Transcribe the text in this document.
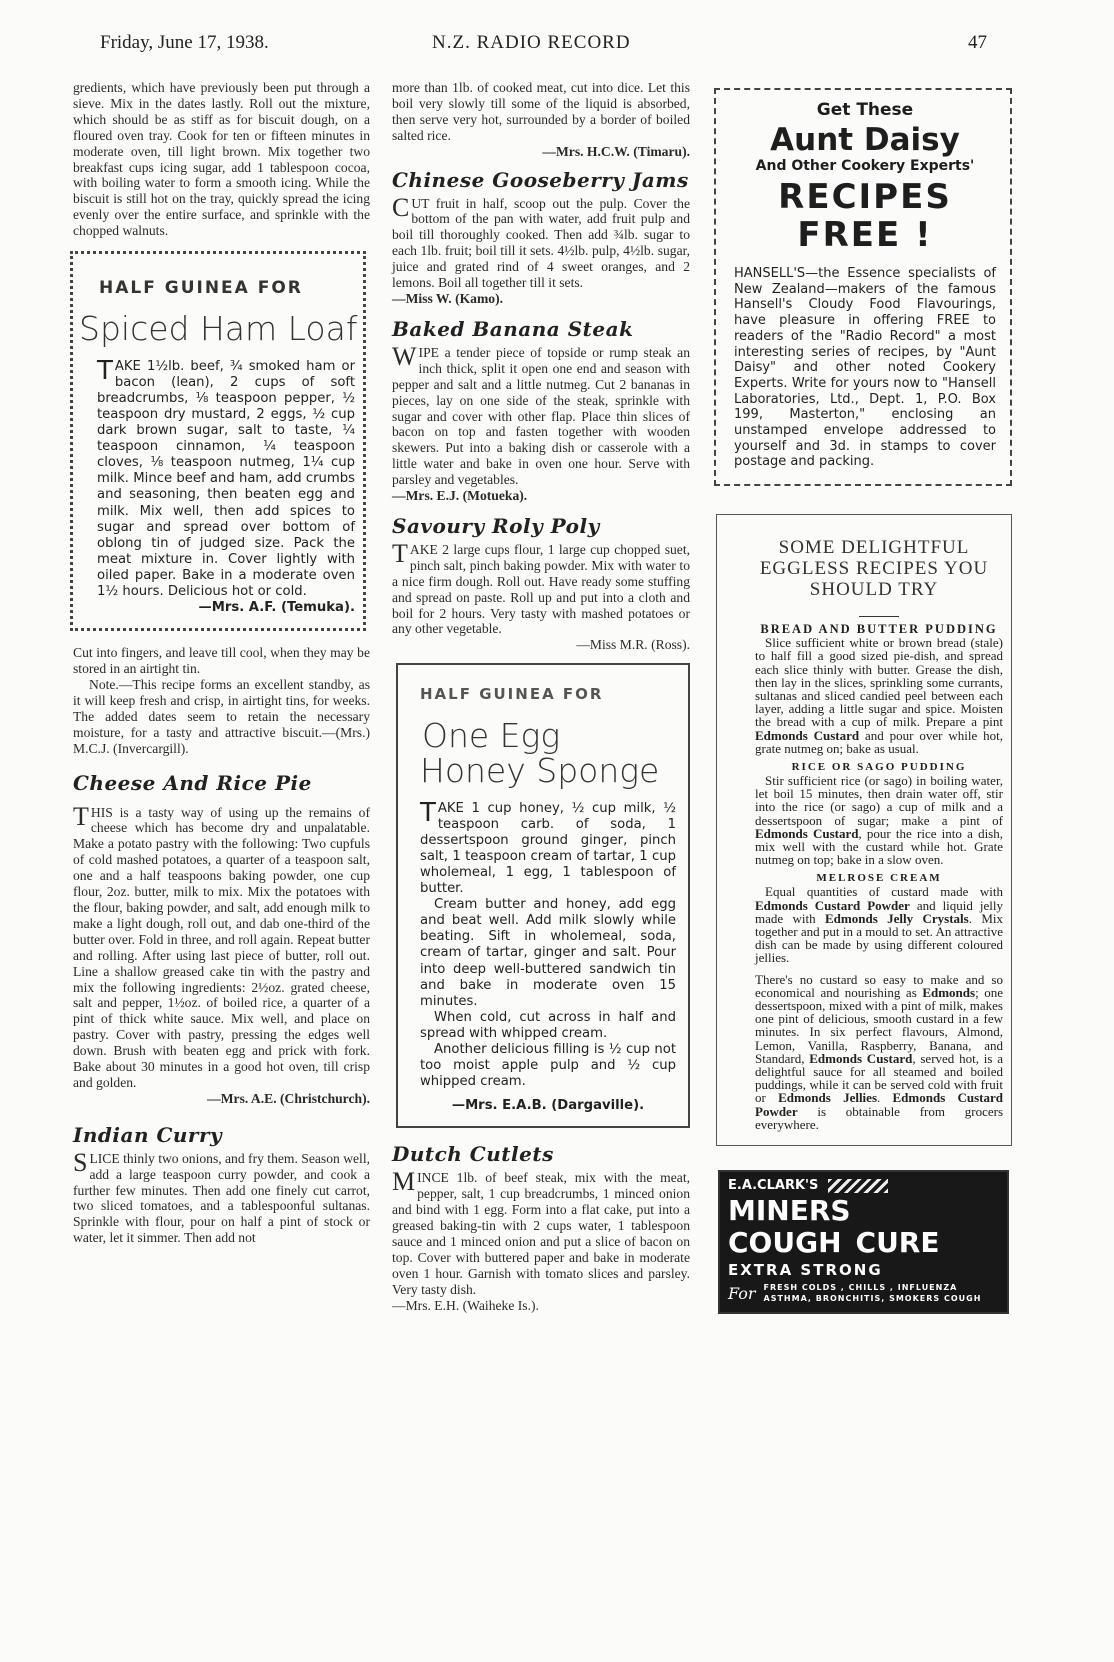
Friday, June 17, 1938.	N.Z. RADIO RECORD	47

gredients, which have previously been put through a sieve. Mix in the dates lastly. Roll out the mixture, which should be as stiff as for biscuit dough, on a floured oven tray. Cook for ten or fifteen minutes in moderate oven, till light brown. Mix together two breakfast cups icing sugar, add 1 tablespoon cocoa, with boiling water to form a smooth icing. While the biscuit is still hot on the tray, quickly spread the icing evenly over the entire surface, and sprinkle with the chopped walnuts.

HALF GUINEA FOR
Spiced Ham Loaf

TAKE 1½lb. beef, ¾ smoked ham or bacon (lean), 2 cups of soft breadcrumbs, ⅛ teaspoon pepper, ½ teaspoon dry mustard, 2 eggs, ½ cup dark brown sugar, salt to taste, ¼ teaspoon cinnamon, ¼ teaspoon cloves, ⅛ teaspoon nutmeg, 1¼ cup milk. Mince beef and ham, add crumbs and seasoning, then beaten egg and milk. Mix well, then add spices to sugar and spread over bottom of oblong tin of judged size. Pack the meat mixture in. Cover lightly with oiled paper. Bake in a moderate oven 1½ hours. Delicious hot or cold.

—Mrs. A.F. (Temuka).

Cut into fingers, and leave till cool, when they may be stored in an airtight tin.

Note.—This recipe forms an excellent standby, as it will keep fresh and crisp, in airtight tins, for weeks. The added dates seem to retain the necessary moisture, for a tasty and attractive biscuit.—(Mrs.) M.C.J. (Invercargill).

Cheese And Rice Pie

THIS is a tasty way of using up the remains of cheese which has become dry and unpalatable. Make a potato pastry with the following: Two cupfuls of cold mashed potatoes, a quarter of a teaspoon salt, one and a half teaspoons baking powder, one cup flour, 2oz. butter, milk to mix. Mix the potatoes with the flour, baking powder, and salt, add enough milk to make a light dough, roll out, and dab one-third of the butter over. Fold in three, and roll again. Repeat butter and rolling. After using last piece of butter, roll out. Line a shallow greased cake tin with the pastry and mix the following ingredients: 2½oz. grated cheese, salt and pepper, 1½oz. of boiled rice, a quarter of a pint of thick white sauce. Mix well, and place on pastry. Cover with pastry, pressing the edges well down. Brush with beaten egg and prick with fork. Bake about 30 minutes in a good hot oven, till crisp and golden.

—Mrs. A.E. (Christchurch).

Indian Curry

SLICE thinly two onions, and fry them. Season well, add a large teaspoon curry powder, and cook a further few minutes. Then add one finely cut carrot, two sliced tomatoes, and a tablespoonful sultanas. Sprinkle with flour, pour on half a pint of stock or water, let it simmer. Then add not

more than 1lb. of cooked meat, cut into dice. Let this boil very slowly till some of the liquid is absorbed, then serve very hot, surrounded by a border of boiled salted rice.

—Mrs. H.C.W. (Timaru).

Chinese Gooseberry Jams

CUT fruit in half, scoop out the pulp. Cover the bottom of the pan with water, add fruit pulp and boil till thoroughly cooked. Then add ¾lb. sugar to each 1lb. fruit; boil till it sets. 4½lb. pulp, 4½lb. sugar, juice and grated rind of 4 sweet oranges, and 2 lemons. Boil all together till it sets.

—Miss W. (Kamo).

Baked Banana Steak

WIPE a tender piece of topside or rump steak an inch thick, split it open one end and season with pepper and salt and a little nutmeg. Cut 2 bananas in pieces, lay on one side of the steak, sprinkle with sugar and cover with other flap. Place thin slices of bacon on top and fasten together with wooden skewers. Put into a baking dish or casserole with a little water and bake in oven one hour. Serve with parsley and vegetables.

—Mrs. E.J. (Motueka).

Savoury Roly Poly

TAKE 2 large cups flour, 1 large cup chopped suet, pinch salt, pinch baking powder. Mix with water to a nice firm dough. Roll out. Have ready some stuffing and spread on paste. Roll up and put into a cloth and boil for 2 hours. Very tasty with mashed potatoes or any other vegetable.

—Miss M.R. (Ross).

HALF GUINEA FOR
One Egg
Honey Sponge

TAKE 1 cup honey, ½ cup milk, ½ teaspoon carb. of soda, 1 dessertspoon ground ginger, pinch salt, 1 teaspoon cream of tartar, 1 cup wholemeal, 1 egg, 1 tablespoon of butter.

Cream butter and honey, add egg and beat well. Add milk slowly while beating. Sift in wholemeal, soda, cream of tartar, ginger and salt. Pour into deep well-buttered sandwich tin and bake in moderate oven 15 minutes.

When cold, cut across in half and spread with whipped cream.

Another delicious filling is ½ cup not too moist apple pulp and ½ cup whipped cream.

—Mrs. E.A.B. (Dargaville).

Dutch Cutlets

MINCE 1lb. of beef steak, mix with the meat, pepper, salt, 1 cup breadcrumbs, 1 minced onion and bind with 1 egg. Form into a flat cake, put into a greased baking-tin with 2 cups water, 1 tablespoon sauce and 1 minced onion and put a slice of bacon on top. Cover with buttered paper and bake in moderate oven 1 hour. Garnish with tomato slices and parsley. Very tasty dish.

—Mrs. E.H. (Waiheke Is.).

Get These
Aunt Daisy
And Other Cookery Experts'
RECIPES
FREE !

HANSELL'S—the Essence specialists of New Zealand—makers of the famous Hansell's Cloudy Food Flavourings, have pleasure in offering FREE to readers of the "Radio Record" a most interesting series of recipes, by "Aunt Daisy" and other noted Cookery Experts. Write for yours now to "Hansell Laboratories, Ltd., Dept. 1, P.O. Box 199, Masterton," enclosing an unstamped envelope addressed to yourself and 3d. in stamps to cover postage and packing.

SOME DELIGHTFUL EGGLESS RECIPES YOU SHOULD TRY
BREAD AND BUTTER PUDDING

Slice sufficient white or brown bread (stale) to half fill a good sized pie-dish, and spread each slice thinly with butter. Grease the dish, then lay in the slices, sprinkling some currants, sultanas and sliced candied peel between each layer, adding a little sugar and spice. Moisten the bread with a cup of milk. Prepare a pint Edmonds Custard and pour over while hot, grate nutmeg on; bake as usual.

RICE OR SAGO PUDDING

Stir sufficient rice (or sago) in boiling water, let boil 15 minutes, then drain water off, stir into the rice (or sago) a cup of milk and a dessertspoon of sugar; make a pint of Edmonds Custard, pour the rice into a dish, mix well with the custard while hot. Grate nutmeg on top; bake in a slow oven.

MELROSE CREAM

Equal quantities of custard made with Edmonds Custard Powder and liquid jelly made with Edmonds Jelly Crystals. Mix together and put in a mould to set. An attractive dish can be made by using different coloured jellies.

There's no custard so easy to make and so economical and nourishing as Edmonds; one dessertspoon, mixed with a pint of milk, makes one pint of delicious, smooth custard in a few minutes. In six perfect flavours, Almond, Lemon, Vanilla, Raspberry, Banana, and Standard, Edmonds Custard, served hot, is a delightful sauce for all steamed and boiled puddings, while it can be served cold with fruit or Edmonds Jellies. Edmonds Custard Powder is obtainable from grocers everywhere.

E.A.CLARK'S
MINERS
COUGH CURE
EXTRA STRONG
For FRESH COLDS , CHILLS , INFLUENZA
ASTHMA, BRONCHITIS, SMOKERS COUGH
